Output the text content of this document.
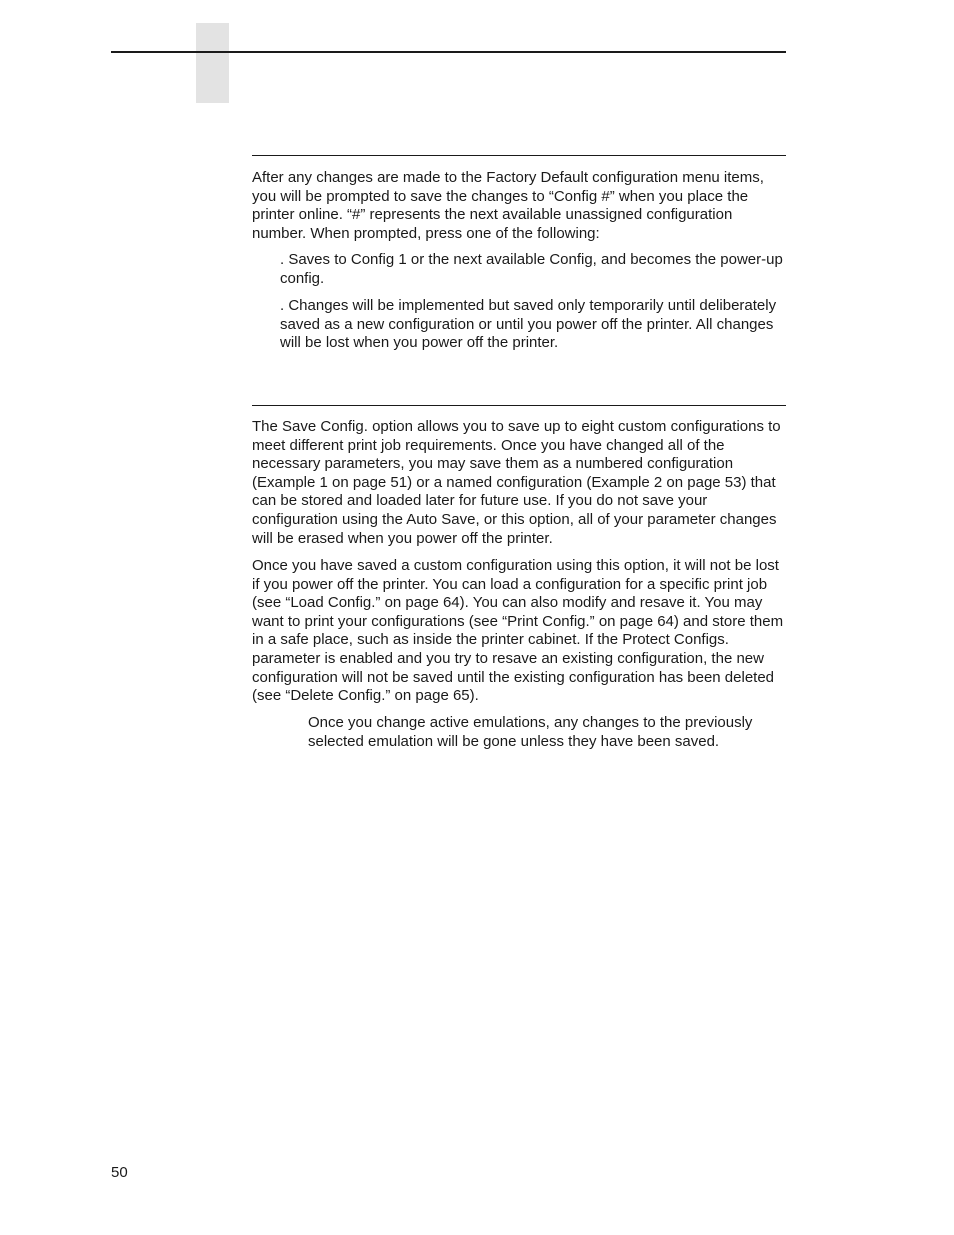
After any changes are made to the Factory Default configuration menu items, you will be prompted to save the changes to “Config #” when you place the printer online. “#” represents the next available unassigned configuration number. When prompted, press one of the following:

. Saves to Config 1 or the next available Config, and becomes the power-up config.

. Changes will be implemented but saved only temporarily until deliberately saved as a new configuration or until you power off the printer. All changes will be lost when you power off the printer.

The Save Config. option allows you to save up to eight custom configurations to meet different print job requirements. Once you have changed all of the necessary parameters, you may save them as a numbered configuration (Example 1 on page 51) or a named configuration (Example 2 on page 53) that can be stored and loaded later for future use. If you do not save your configuration using the Auto Save, or this option, all of your parameter changes will be erased when you power off the printer.

Once you have saved a custom configuration using this option, it will not be lost if you power off the printer. You can load a configuration for a specific print job (see “Load Config.” on page 64). You can also modify and resave it. You may want to print your configurations (see “Print Config.” on page 64) and store them in a safe place, such as inside the printer cabinet. If the Protect Configs. parameter is enabled and you try to resave an existing configuration, the new configuration will not be saved until the existing configuration has been deleted (see “Delete Config.” on page 65).

Once you change active emulations, any changes to the previously selected emulation will be gone unless they have been saved.

50
